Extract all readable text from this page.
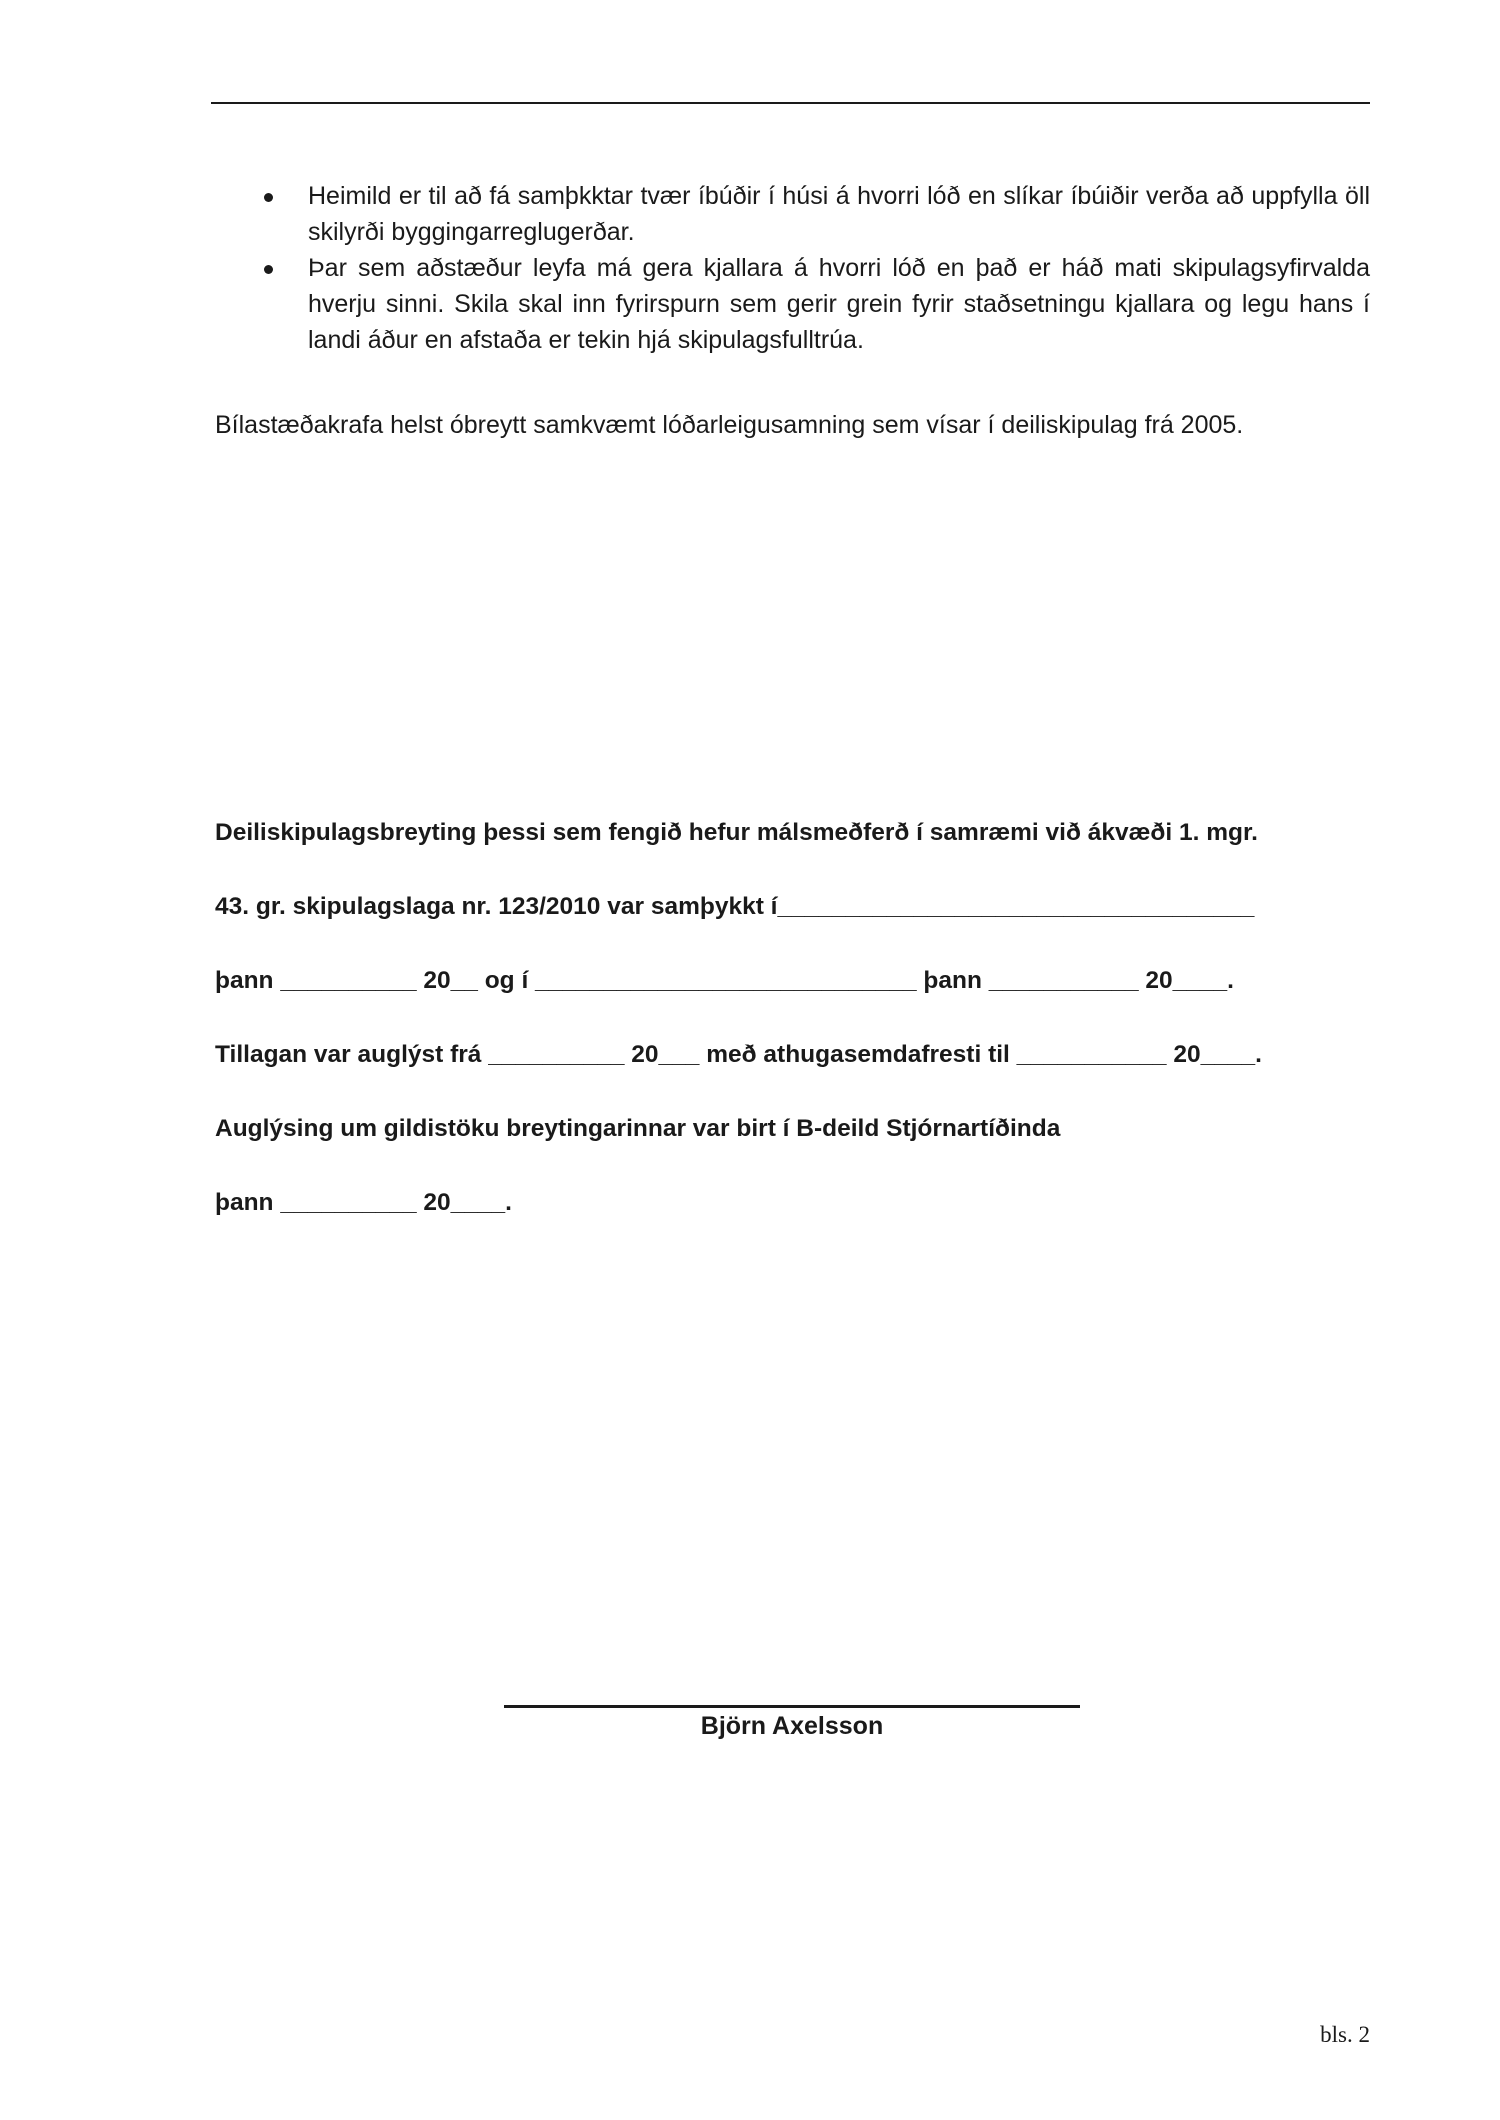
Heimild er til að fá samþkktar tvær íbúðir í húsi á hvorri lóð en slíkar íbúiðir verða að uppfylla öll skilyrði byggingarreglugerðar.
Þar sem aðstæður leyfa má gera kjallara á hvorri lóð en það er háð mati skipulagsyfirvalda hverju sinni. Skila skal inn fyrirspurn sem gerir grein fyrir staðsetningu kjallara og legu hans í landi áður en afstaða er tekin hjá skipulagsfulltrúa.

Bílastæðakrafa helst óbreytt samkvæmt lóðarleigusamning sem vísar í deiliskipulag frá 2005.

Deiliskipulagsbreyting þessi sem fengið hefur málsmeðferð í samræmi við ákvæði 1. mgr.

43. gr. skipulagslaga nr. 123/2010 var samþykkt í___________________________________

þann __________ 20__ og í ____________________________ þann ___________ 20____.

Tillagan var auglýst frá __________ 20___ með athugasemdafresti til ___________ 20____.

Auglýsing um gildistöku breytingarinnar var birt í B-deild Stjórnartíðinda

þann __________ 20____.

Björn Axelsson
bls. 2
